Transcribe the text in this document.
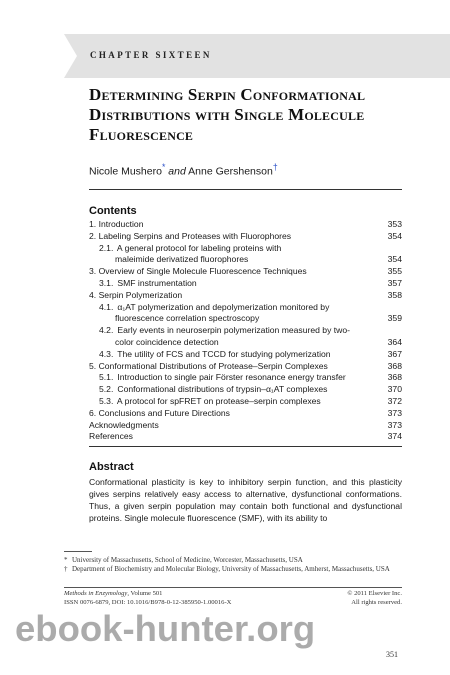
CHAPTER SIXTEEN
Determining Serpin Conformational Distributions with Single Molecule Fluorescence
Nicole Mushero* and Anne Gershenson†
Contents
1. Introduction	353
2. Labeling Serpins and Proteases with Fluorophores	354
2.1. A general protocol for labeling proteins with
maleimide derivatized fluorophores	354
3. Overview of Single Molecule Fluorescence Techniques	355
3.1. SMF instrumentation	357
4. Serpin Polymerization	358
4.1. α₁AT polymerization and depolymerization monitored by
fluorescence correlation spectroscopy	359
4.2. Early events in neuroserpin polymerization measured by two-
color coincidence detection	364
4.3. The utility of FCS and TCCD for studying polymerization	367
5. Conformational Distributions of Protease–Serpin Complexes	368
5.1. Introduction to single pair Förster resonance energy transfer	368
5.2. Conformational distributions of trypsin–α₁AT complexes	370
5.3. A protocol for spFRET on protease–serpin complexes	372
6. Conclusions and Future Directions	373
Acknowledgments	373
References	374
Abstract
Conformational plasticity is key to inhibitory serpin function, and this plasticity gives serpins relatively easy access to alternative, dysfunctional conformations. Thus, a given serpin population may contain both functional and dysfunctional proteins. Single molecule fluorescence (SMF), with its ability to
* University of Massachusetts, School of Medicine, Worcester, Massachusetts, USA
† Department of Biochemistry and Molecular Biology, University of Massachusetts, Amherst, Massachusetts, USA
Methods in Enzymology, Volume 501	© 2011 Elsevier Inc.
ISSN 0076-6879, DOI: 10.1016/B978-0-12-385950-1.00016-X	All rights reserved.
ebook-hunter.org
351
